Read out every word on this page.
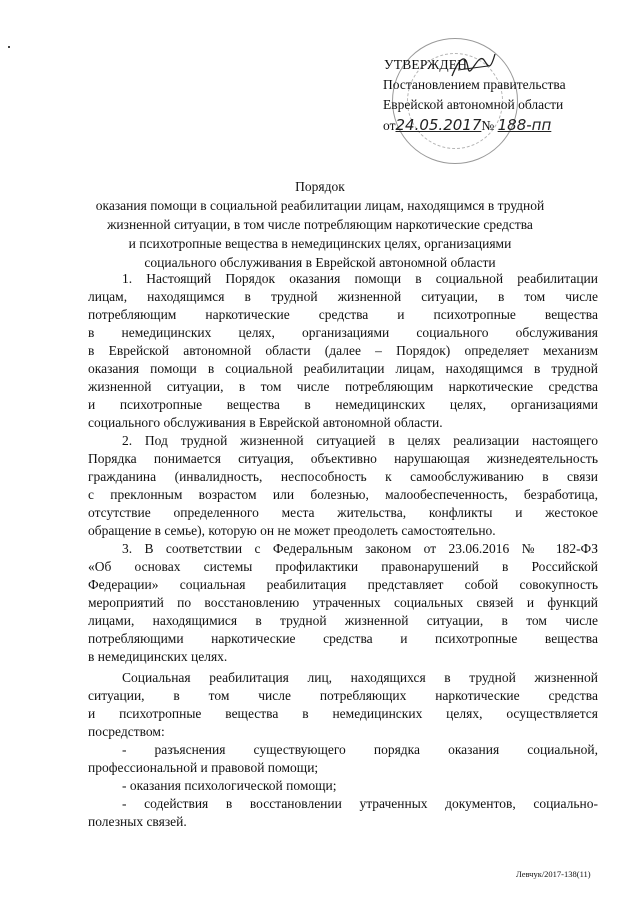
УТВЕРЖДЕН
Постановлением правительства
Еврейской автономной области
от24.05.2017№ 188-пп
Порядок
оказания помощи в социальной реабилитации лицам, находящимся в трудной
жизненной ситуации, в том числе потребляющим наркотические средства
и психотропные вещества в немедицинских целях, организациями
социального обслуживания в Еврейской автономной области
1. Настоящий Порядок оказания помощи в социальной реабилитации
лицам, находящимся в трудной жизненной ситуации, в том числе
потребляющим наркотические средства и психотропные вещества
в немедицинских целях, организациями социального обслуживания
в Еврейской автономной области (далее – Порядок) определяет механизм
оказания помощи в социальной реабилитации лицам, находящимся в трудной
жизненной ситуации, в том числе потребляющим наркотические средства
и психотропные вещества в немедицинских целях, организациями
социального обслуживания в Еврейской автономной области.
2. Под трудной жизненной ситуацией в целях реализации настоящего
Порядка понимается ситуация, объективно нарушающая жизнедеятельность
гражданина (инвалидность, неспособность к самообслуживанию в связи
с преклонным возрастом или болезнью, малообеспеченность, безработица,
отсутствие определенного места жительства, конфликты и жестокое
обращение в семье), которую он не может преодолеть самостоятельно.
3. В соответствии с Федеральным законом от 23.06.2016 № 182-ФЗ
«Об основах системы профилактики правонарушений в Российской
Федерации» социальная реабилитация представляет собой совокупность
мероприятий по восстановлению утраченных социальных связей и функций
лицами, находящимися в трудной жизненной ситуации, в том числе
потребляющими наркотические средства и психотропные вещества
в немедицинских целях.
Социальная реабилитация лиц, находящихся в трудной жизненной
ситуации, в том числе потребляющих наркотические средства
и психотропные вещества в немедицинских целях, осуществляется
посредством:
- разъяснения существующего порядка оказания социальной,
профессиональной и правовой помощи;
- оказания психологической помощи;
- содействия в восстановлении утраченных документов, социально-
полезных связей.
Левчук/2017-138(11)
